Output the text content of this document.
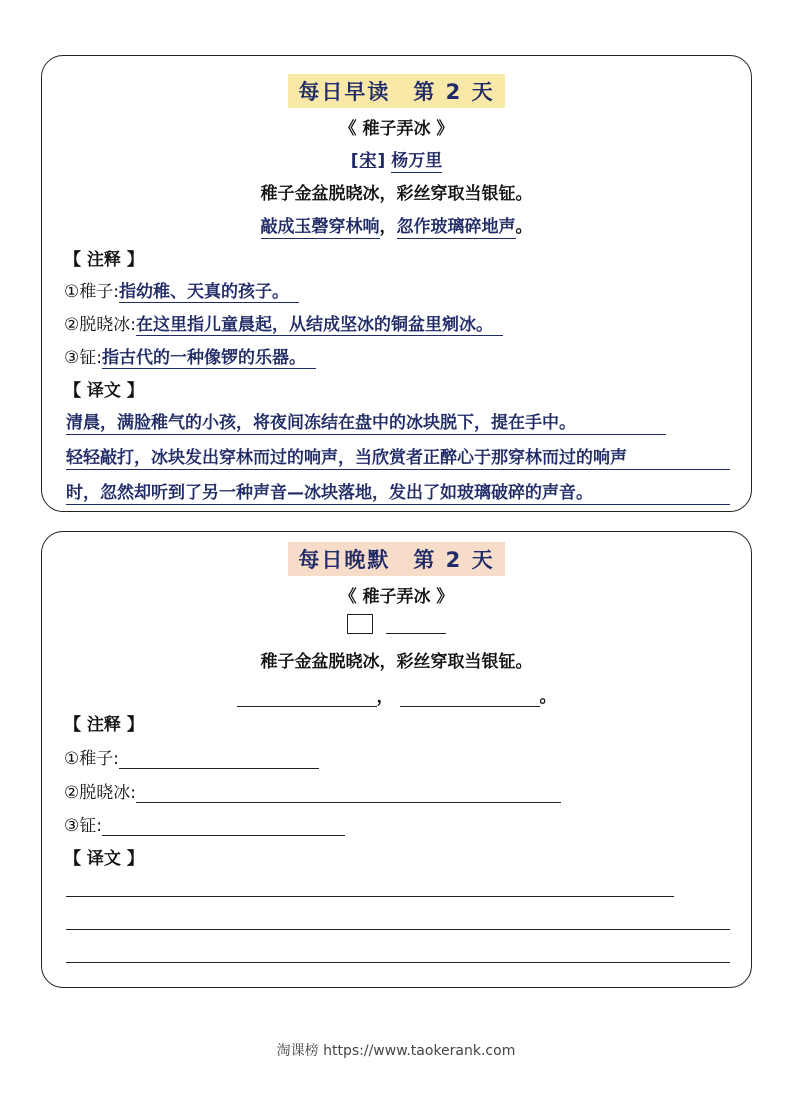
每日早读　第 2 天
《 稚子弄冰 》
[宋] 杨万里
稚子金盆脱晓冰，彩丝穿取当银钲。
敲成玉磬穿林响，忽作玻璃碎地声。
【 注释 】
①稚子:指幼稚、天真的孩子。
②脱晓冰:在这里指儿童晨起，从结成坚冰的铜盆里剜冰。
③钲:指古代的一种像锣的乐器。
【 译文 】
清晨，满脸稚气的小孩，将夜间冻结在盘中的冰块脱下，提在手中。
轻轻敲打，冰块发出穿林而过的响声，当欣赏者正醉心于那穿林而过的响声
时，忽然却听到了另一种声音—冰块落地，发出了如玻璃破碎的声音。
每日晚默　第 2 天
《 稚子弄冰 》

稚子金盆脱晓冰，彩丝穿取当银钲。
，	。
【 注释 】
①稚子:
②脱晓冰:
③钲:
【 译文 】
淘课榜 https://www.taokerank.com
